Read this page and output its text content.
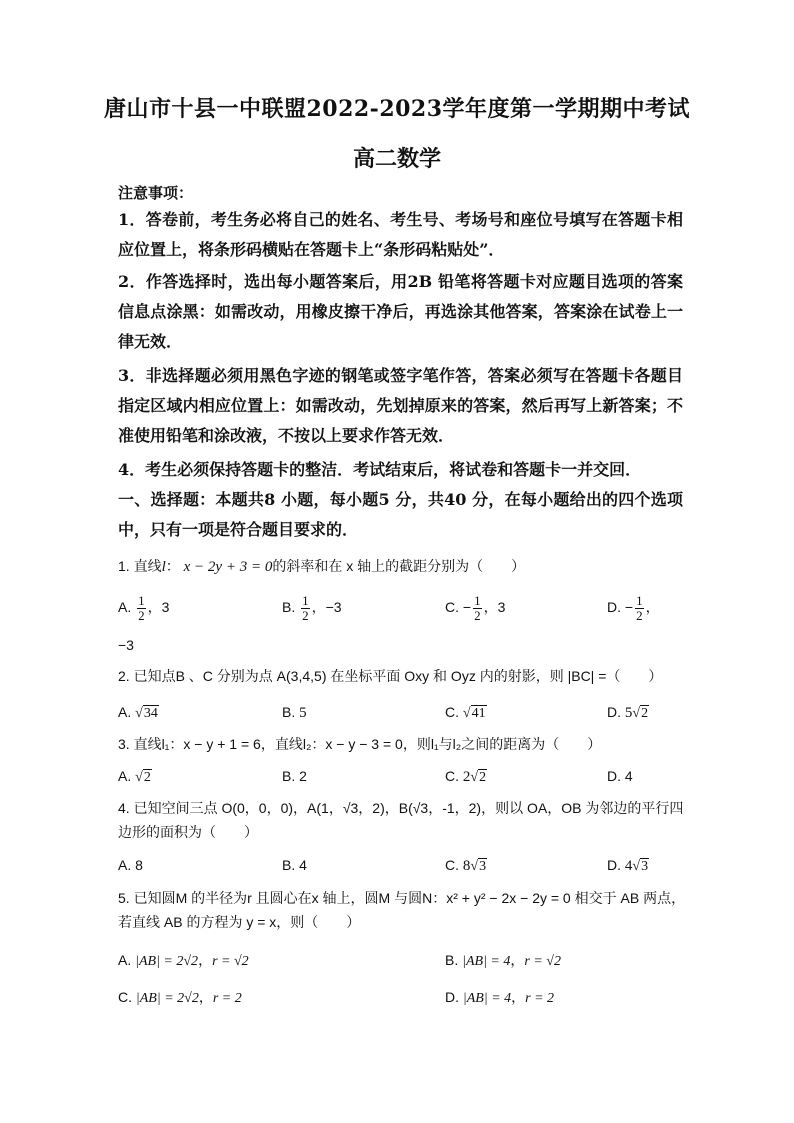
唐山市十县一中联盟2022-2023学年度第一学期期中考试
高二数学
注意事项：
1．答卷前，考生务必将自己的姓名、考生号、考场号和座位号填写在答题卡相应位置上，将条形码横贴在答题卡上“条形码粘贴处”．
2．作答选择时，选出每小题答案后，用2B 铅笔将答题卡对应题目选项的答案信息点涂黑：如需改动，用橡皮擦干净后，再选涂其他答案，答案涂在试卷上一律无效．
3．非选择题必须用黑色字迹的钢笔或签字笔作答，答案必须写在答题卡各题目指定区域内相应位置上：如需改动，先划掉原来的答案，然后再写上新答案；不准使用铅笔和涂改液，不按以上要求作答无效．
4．考生必须保持答题卡的整洁．考试结束后，将试卷和答题卡一并交回．
一、选择题：本题共8 小题，每小题5 分，共40 分，在每小题给出的四个选项中，只有一项是符合题目要求的．
1. 直线l： x − 2y + 3 = 0的斜率和在 x 轴上的截距分别为（　　）
A. $\frac{1}{2}$ ，3	B. $\frac{1}{2}$ ，−3	C. − $\frac{1}{2}$ ，3	D. − $\frac{1}{2}$ ，
−3
2. 已知点B 、C 分别为点 A(3,4,5) 在坐标平面 Oxy 和 Oyz 内的射影，则 |BC| =（　　）
A. √34	B. 5	C. √41	D. 5√2
3. 直线l₁：x − y + 1 = 6，直线l₂：x − y − 3 = 0，则l₁与l₂之间的距离为（　　）
A. √2	B. 2	C. 2√2	D. 4
4. 已知空间三点 O(0，0，0)，A(1，√3，2)，B(√3，-1，2)，则以 OA，OB 为邻边的平行四边形的面积为（　　）
A. 8	B. 4	C. 8√3	D. 4√3
5. 已知圆M 的半径为r 且圆心在x 轴上，圆M 与圆N：x² + y² − 2x − 2y = 0 相交于 AB 两点，若直线 AB 的方程为 y = x，则（　　）
A. |AB| = 2√2，r = √2	B. |AB| = 4，r = √2
C. |AB| = 2√2，r = 2	D. |AB| = 4，r = 2
